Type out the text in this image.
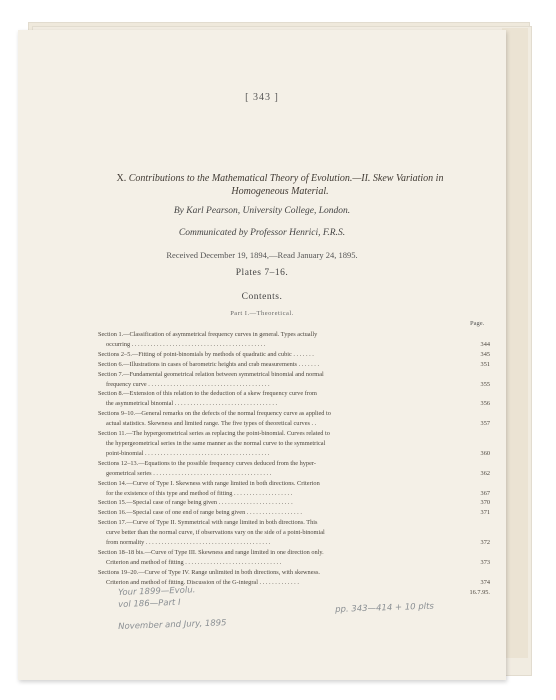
[ 343 ]
X. Contributions to the Mathematical Theory of Evolution.—II. Skew Variation in Homogeneous Material.
By Karl Pearson, University College, London.
Communicated by Professor Henrici, F.R.S.
Received December 19, 1894,—Read January 24, 1895.
Plates 7–16.
Contents.
Part I.—Theoretical.
Page.
Section 1.—Classification of asymmetrical frequency curves in general. Types actually
occurring . . . . . . . . . . . . . . . . . . . . . . . . . . . . . . . . . . . . . . . . . . .	344
Sections 2–5.—Fitting of point-binomials by methods of quadratic and cubic . . . . . . .	345
Section 6.—Illustrations in cases of barometric heights and crab measurements . . . . . . .	351
Section 7.—Fundamental geometrical relation between symmetrical binomial and normal
frequency curve . . . . . . . . . . . . . . . . . . . . . . . . . . . . . . . . . . . . . . .	355
Section 8.—Extension of this relation to the deduction of a skew frequency curve from
the asymmetrical binomial . . . . . . . . . . . . . . . . . . . . . . . . . . . . . . . . .	356
Sections 9–10.—General remarks on the defects of the normal frequency curve as applied to
actual statistics. Skewness and limited range. The five types of theoretical curves . .	357
Section 11.—The hypergeometrical series as replacing the point-binomial. Curves related to
the hypergeometrical series in the same manner as the normal curve to the symmetrical
point-binomial . . . . . . . . . . . . . . . . . . . . . . . . . . . . . . . . . . . . . . . .	360
Sections 12–13.—Equations to the possible frequency curves deduced from the hyper-
geometrical series . . . . . . . . . . . . . . . . . . . . . . . . . . . . . . . . . . . . . .	362
Section 14.—Curve of Type I. Skewness with range limited in both directions. Criterion
for the existence of this type and method of fitting . . . . . . . . . . . . . . . . . . .	367
Section 15.—Special case of range being given . . . . . . . . . . . . . . . . . . . . . . . .	370
Section 16.—Special case of one end of range being given . . . . . . . . . . . . . . . . . .	371
Section 17.—Curve of Type II. Symmetrical with range limited in both directions. This
curve better than the normal curve, if observations vary on the side of a point-binomial
from normality . . . . . . . . . . . . . . . . . . . . . . . . . . . . . . . . . . . . . . . .	372
Section 18–18 bis.—Curve of Type III. Skewness and range limited in one direction only.
Criterion and method of fitting . . . . . . . . . . . . . . . . . . . . . . . . . . . . . . .	373
Sections 19–20.—Curve of Type IV. Range unlimited in both directions, with skewness.
Criterion and method of fitting. Discussion of the G-integral . . . . . . . . . . . . .	374
16.7.95.
Your 1899—Evolu.
vol 186—Part I
November and Jury, 1895
pp. 343—414 + 10 plts
